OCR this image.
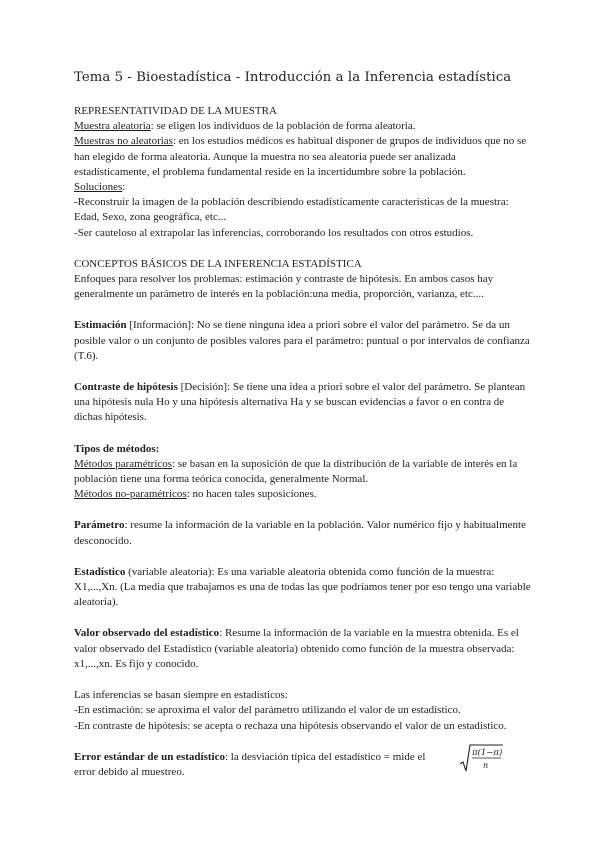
Tema 5 - Bioestadística - Introducción a la Inferencia estadística

REPRESENTATIVIDAD DE LA MUESTRA

Muestra aleatoria: se eligen los individuos de la población de forma aleatoria.

Muestras no aleatorias: en los estudios médicos es habitual disponer de grupos de individuos que no se han elegido de forma aleatoria. Aunque la muestra no sea aleatoria puede ser analizada estadísticamente, el problema fundamental reside en la incertidumbre sobre la población.

Soluciones:

-Reconstruir la imagen de la población describiendo estadísticamente características de la muestra: Edad, Sexo, zona geográfica, etc...

-Ser cauteloso al extrapolar las inferencias, corroborando los resultados con otros estudios.

CONCEPTOS BÁSICOS DE LA INFERENCIA ESTADÍSTICA

Enfoques para resolver los problemas: estimación y contraste de hipótesis. En ambos casos hay generalmente un parámetro de interés en la población:una media, proporción, varianza, etc....

Estimación [Información]: No se tiene ninguna idea a priori sobre el valor del parámetro. Se da un posible valor o un conjunto de posibles valores para el parámetro: puntual o por intervalos de confianza (T.6).

Contraste de hipótesis [Decisión]: Se tiene una idea a priori sobre el valor del parámetro. Se plantean una hipótesis nula Ho y una hipótesis alternativa Ha y se buscan evidencias a favor o en contra de dichas hipótesis.

Tipos de métodos:

Métodos paramétricos: se basan en la suposición de que la distribución de la variable de interés en la población tiene una forma teórica conocida, generalmente Normal.

Métodos no-paramétricos: no hacen tales suposiciones.

Parámetro: resume la información de la variable en la población. Valor numérico fijo y habitualmente desconocido.

Estadístico (variable aleatoria): Es una variable aleatoria obtenida como función de la muestra: X1,...,Xn. (La media que trabajamos es una de todas las que podríamos tener por eso tengo una variable aleatoria).

Valor observado del estadístico: Resume la información de la variable en la muestra obtenida. Es el valor observado del Estadístico (variable aleatoria) obtenido como función de la muestra observada: x1,...,xn. Es fijo y conocido.

Las inferencias se basan siempre en estadísticos:

-En estimación: se aproxima el valor del parámetro utilizando el valor de un estadístico.

-En contraste de hipótesis: se acepta o rechaza una hipótesis observando el valor de un estadístico.

Error estándar de un estadístico: la desviación típica del estadístico = mide el error debido al muestreo.

π(1−π)
n
